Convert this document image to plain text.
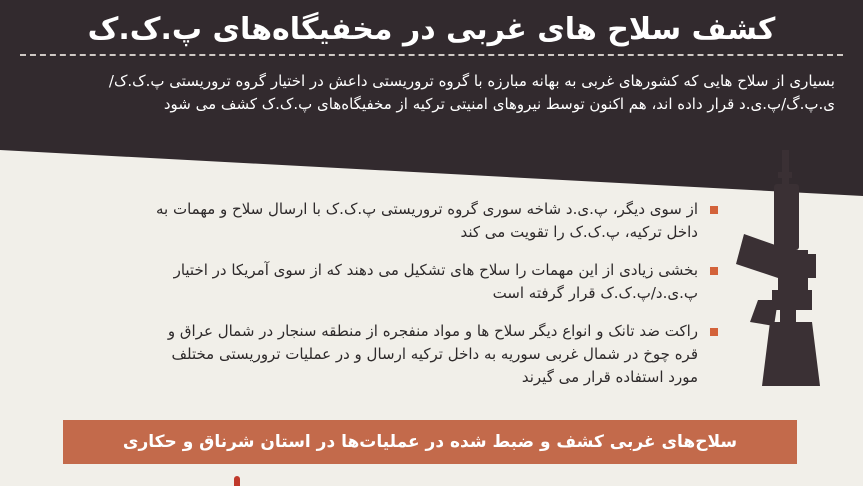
کشف سلاح های غربی در مخفیگاه‌های پ.ک.ک

بسیاری از سلاح هایی که کشورهای غربی به بهانه مبارزه با گروه تروریستی داعش در اختیار گروه تروریستی پ.ک.ک/ی.پ.گ/پ.ی.د قرار داده اند، هم اکنون توسط نیروهای امنیتی ترکیه از مخفیگاه‌های پ.ک.ک کشف می شود

از سوی دیگر، پ.ی.د شاخه سوری گروه تروریستی پ.ک.ک با ارسال سلاح و مهمات به داخل ترکیه، پ.ک.ک را تقویت می کند
بخشی زیادی از این مهمات را سلاح های تشکیل می دهند که از سوی آمریکا در اختیار پ.ی.د/پ.ک.ک قرار گرفته است
راکت ضد تانک و انواع دیگر سلاح ها و مواد منفجره از منطقه سنجار در شمال عراق و قره چوخ در شمال غربی سوریه به داخل ترکیه ارسال و در عملیات تروریستی مختلف مورد استفاده قرار می گیرند

سلاح‌های غربی کشف و ضبط شده در عملیات‌ها در استان شرناق و حکاری
